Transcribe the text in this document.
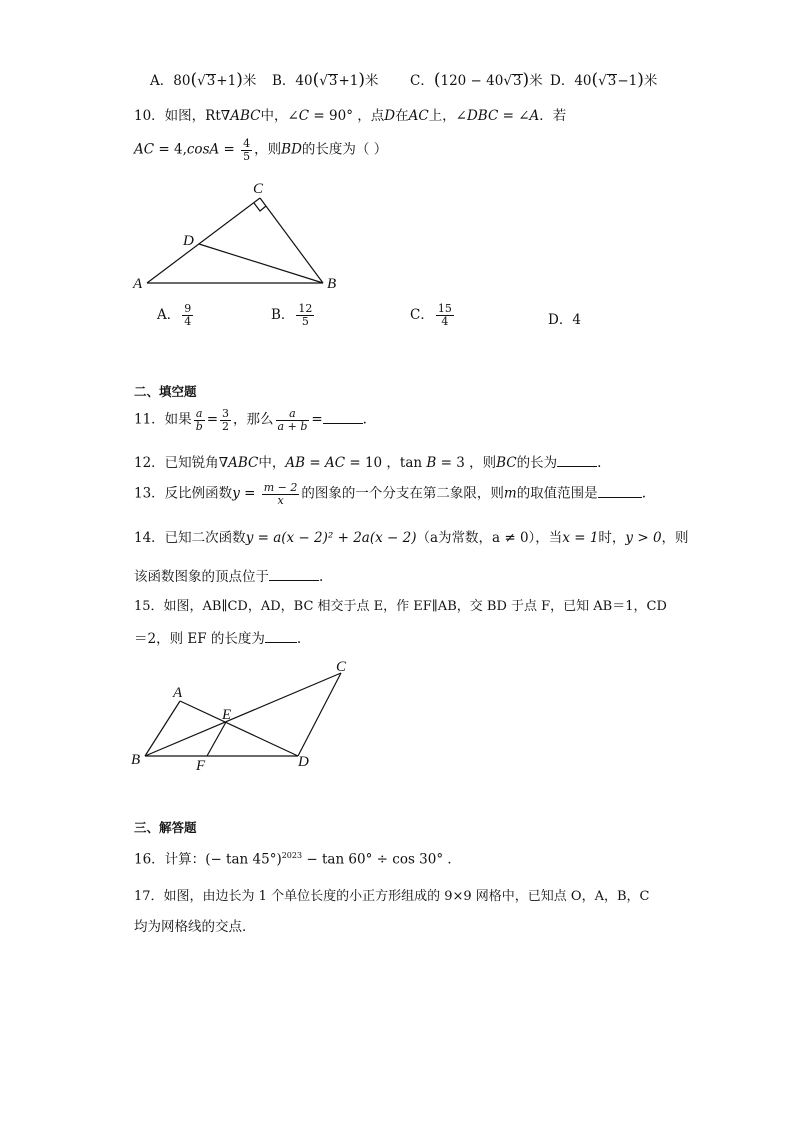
A．80(√3+1)米 B．40(√3+1)米 C．(120 − 40√3)米 D．40(√3−1)米
10．如图，Rt∇ABC中，∠C = 90° ，点D在AC上，∠DBC = ∠A．若
AC = $4,\cos A = \frac{4}{5}$ ，则BD的长度为（ ）
C
D
A	B
A． $\frac{9}{4}$	B． $\frac{12}{5}$	C． $\frac{15}{4}$	D．4
二、填空题
11．如果 $\frac{a}{b} = \frac{3}{2}$ ，那么 $\frac{a}{a + b}$ =	.
12．已知锐角∇ABC中，AB = AC = 10 ，tan B = 3 ，则BC的长为	.
13．反比例函数$y = \frac{m - 2}{x}$ 的图象的一个分支在第二象限，则m的取值范围是	.
14．已知二次函数y = a(x − 2)² + 2a(x − 2)（a为常数，a ≠ 0），当x = 1时，y > 0，则
该函数图象的顶点位于	.
15．如图，AB∥CD，AD，BC 相交于点 E，作 EF∥AB，交 BD 于点 F，已知 AB＝1，CD
＝2，则 EF 的长度为 .
A
B
C
D
E
F
三、解答题
16．计算：(− tan 45°)$^{2023}$ − tan 60° ÷ cos 30° ．
17．如图，由边长为 1 个单位长度的小正方形组成的 9×9 网格中，已知点 O，A，B，C
均为网格线的交点．
